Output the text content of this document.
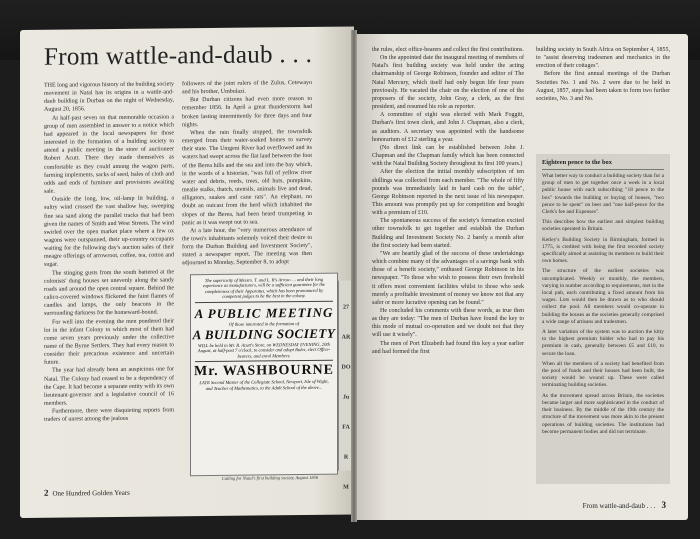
From wattle-and-daub . . .

THE long and vigorous history of the building society movement in Natal has its origins in a wattle-and-daub building in Durban on the night of Wednesday, August 20, 1856.

At half-past seven on that memorable occasion a group of men assembled in answer to a notice which had appeared in the local newspapers for those interested in the formation of a building society to attend a public meeting in the store of auctioneer Robert Acutt. There they made themselves as comfortable as they could among the wagon parts, farming implements, sacks of seed, bales of cloth and odds and ends of furniture and provisions awaiting sale.

Outside the long, low, oil-lamp lit building, a sultry wind crossed the vast shallow bay, sweeping fine sea sand along the parallel tracks that had been given the names of Smith and West Streets. The wind swirled over the open market place where a few ox wagons were outspanned, their up-country occupants waiting for the following day's auction sales of their meagre offerings of arrowroot, coffee, tea, cotton and sugar.

The stinging gusts from the south battered at the colonists' dung houses set unevenly along the sandy roads and around the open central square. Behind the calico-covered windows flickered the faint flames of candles and lamps, the only beacons in the surrounding darkness for the homeward-bound.

For well into the evening the men pondered their lot in the infant Colony to which most of them had come seven years previously under the collective name of the Byrne Settlers. They had every reason to consider their precarious existence and uncertain future.

The year had already been an auspicious one for Natal. The Colony had ceased to be a dependency of the Cape. It had become a separate entity with its own lieutenant-governor and a legislative council of 16 members.

Furthermore, there were disquieting reports from traders of unrest among the jealous

followers of the joint rulers of the Zulus, Cetewayo and his brother, Umbulazi.

But Durban citizens had even more reason to remember 1856. In April a great thunderstorm had broken lasting intermittently for three days and four nights.

When the rain finally stopped, the townsfolk emerged from their water-soaked homes to survey their state. The Umgeni River had overflowed and its waters had swept across the flat land between the foot of the Berea hills and the sea and into the bay which, in the words of a historian, "was full of yellow river water and debris, reeds, trees, old huts, pumpkins, mealie stalks, thatch, utensils, animals live and dead, alligators, snakes and cane rats". An elephant, no doubt an outcast from the herd which inhabited the slopes of the Berea, had been heard trumpeting in panic as it was swept out to sea.

At a late hour, the "very numerous attendance of the town's inhabitants solemnly voiced their desire to form the Durban Building and Investment Society", stated a newspaper report. The meeting was then adjourned to Monday, September 8, to adopt

The superiority of Messrs. T. and L. R's Arrow- ... and their long experience as manufacturers, will be a sufficient guarantee for the completeness of their Apparatus, which has been pronounced by competent judges to be the best in the colony.
A PUBLIC MEETING
Of those interested in the formation of
A BUILDING SOCIETY
WILL be held in Mr. R. Acutt's Store, on WEDNESDAY EVENING, 20th August, at half-past 7 o'clock, to consider and adopt Rules, elect Office-bearers, and enrol Members.
Mr. WASHBOURNE
LATE Second Master of the Collegiate School, Newport, Isle of Wight, and Teacher of Mathematics, to the Adult School of the above...
27
AR
DO
Ju
FA
R
M
Calling for Natal's first building society, August 1856
2 One Hundred Golden Years

the rules, elect office-bearers and collect the first contributions.

On the appointed date the inaugural meeting of members of Natal's first building society was held under the acting chairmanship of George Robinson, founder and editor of The Natal Mercury, which itself had only begun life four years previously. He vacated the chair on the election of one of the proposers of the society, John Gray, a clerk, as the first president, and resumed his role as reporter.

A committee of eight was elected with Mark Foggitt, Durban's first town clerk, and John J. Chapman, also a clerk, as auditors. A secretary was appointed with the handsome honorarium of £12 sterling a year.

(No direct link can be established between John J. Chapman and the Chapman family which has been connected with the Natal Building Society throughout its first 100 years.)

After the election the initial monthly subscription of ten shillings was collected from each member. "The whole of fifty pounds was immediately laid in hard cash on the table", George Robinson reported in the next issue of his newspaper. This amount was promptly put up for competition and bought with a premium of £10.

The spontaneous success of the society's formation excited other townsfolk to get together and establish the Durban Building and Investment Society No. 2 barely a month after the first society had been started.

"We are heartily glad of the success of these undertakings which combine many of the advantages of a savings bank with those of a benefit society," enthused George Robinson in his newspaper. "To those who wish to possess their own freehold it offers most convenient facilities whilst to those who seek merely a profitable investment of money we know not that any safer or more lucrative opening can be found."

He concluded his comments with these words, as true then as they are today: "The men of Durban have found the key to this mode of mutual co-operation and we doubt not that they will use it wisely".

The men of Port Elizabeth had found this key a year earlier and had formed the first

building society in South Africa on September 4, 1855, to "assist deserving tradesmen and mechanics in the erection of their cottages".

Before the first annual meetings of the Durban Societies No. 1 and No. 2 were due to be held in August, 1857, steps had been taken to form two further societies, No. 3 and No.

Eighteen pence to the box

What better way to conduct a building society than for a group of men to get together once a week in a local public house with each subscribing "18 pence to the box" towards the building or buying of houses, "two pence to be spent" on beer and "one half-pence for the Clerk's fee and Expenses".

This describes how the earliest and simplest building societies operated in Britain.

Ketley's Building Society in Birmingham, formed in 1775, is credited with being the first recorded society specifically aimed at assisting its members to build their own homes.

The structure of the earliest societies was uncomplicated. Weekly or monthly, the members, varying in number according to requirements, met in the local pub, each contributing a fixed amount from his wages. Lots would then be drawn as to who should collect the pool. All members would co-operate in building the houses as the societies generally comprised a wide range of artisans and tradesmen.

A later variation of the system was to auction the kitty to the highest premium bidder who had to pay his premium in cash, generally between £5 and £10, to secure the loan.

When all the members of a society had benefited from the pool of funds and their houses had been built, the society would be wound up. These were called terminating building societies.

As the movement spread across Britain, the societies became larger and more sophisticated in the conduct of their business. By the middle of the 19th century the structure of the movement was more akin to the present operations of building societies. The institutions had become permanent bodies and did not terminate.

From wattle-and-daub . . . 3
